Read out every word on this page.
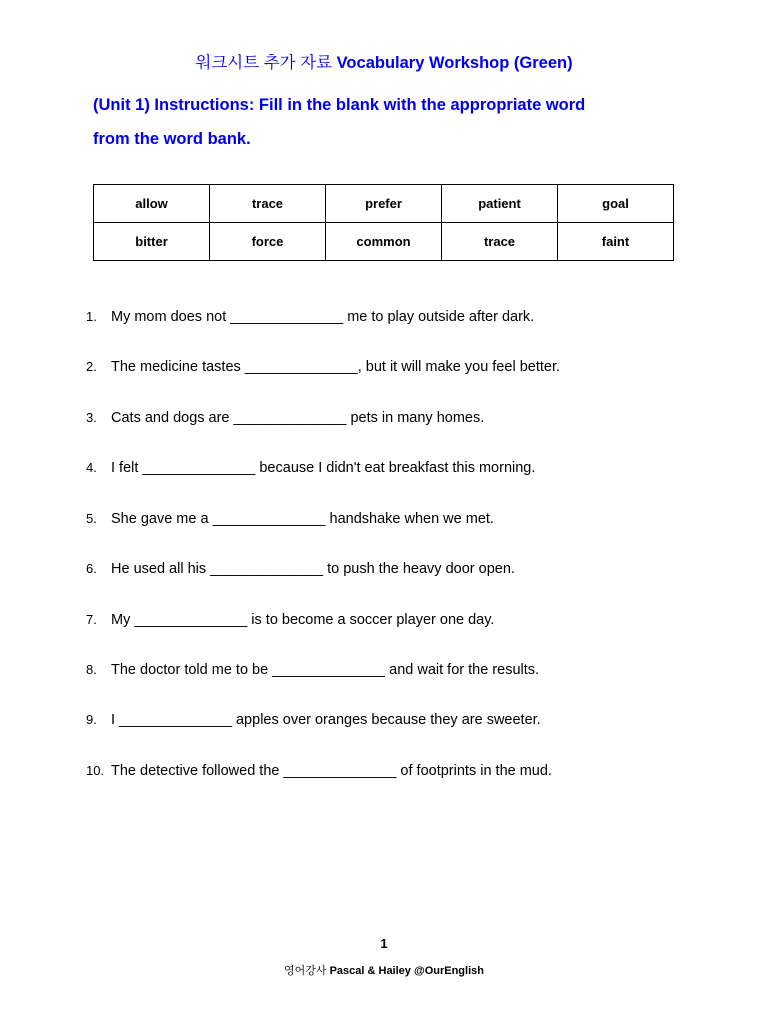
워크시트 추가 자료 Vocabulary Workshop (Green)
(Unit 1) Instructions: Fill in the blank with the appropriate word
from the word bank.
allow	trace	prefer	patient	goal
bitter	force	common	trace	faint
1. My mom does not ______________ me to play outside after dark.
2. The medicine tastes ______________, but it will make you feel better.
3. Cats and dogs are ______________ pets in many homes.
4. I felt ______________ because I didn't eat breakfast this morning.
5. She gave me a ______________ handshake when we met.
6. He used all his ______________ to push the heavy door open.
7. My ______________ is to become a soccer player one day.
8. The doctor told me to be ______________ and wait for the results.
9. I ______________ apples over oranges because they are sweeter.
10. The detective followed the ______________ of footprints in the mud.
1
영어강사 Pascal & Hailey @OurEnglish
